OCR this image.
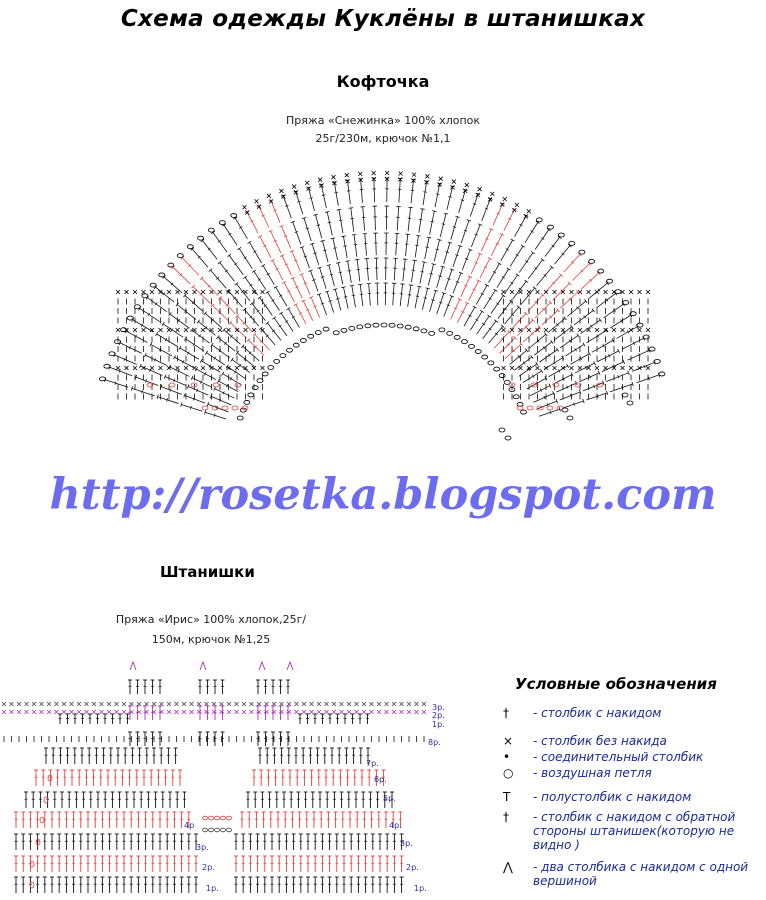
Схема одежды Куклёны в штанишках
Кофточка
Пряжа «Снежинка» 100% хлопок
25г/230м, крючок №1,1
http://rosetka.blogspot.com
Штанишки
Пряжа «Ирис» 100% хлопок,25г/
150м, крючок №1,25
3р.
2р.
1р.
8р.
7р.
6р.
5р.
4р.
3р.
2р.
1р.
4р
3р.
2р.
1р.
Условные обозначения
† - столбик с накидом
× - столбик без накида
• - соединительный столбик
○ - воздушная петля
T - полустолбик с накидом
† - столбик с накидом с обратной стороны штанишек(которую не видно )
⋀ - два столбика с накидом с одной вершиной
